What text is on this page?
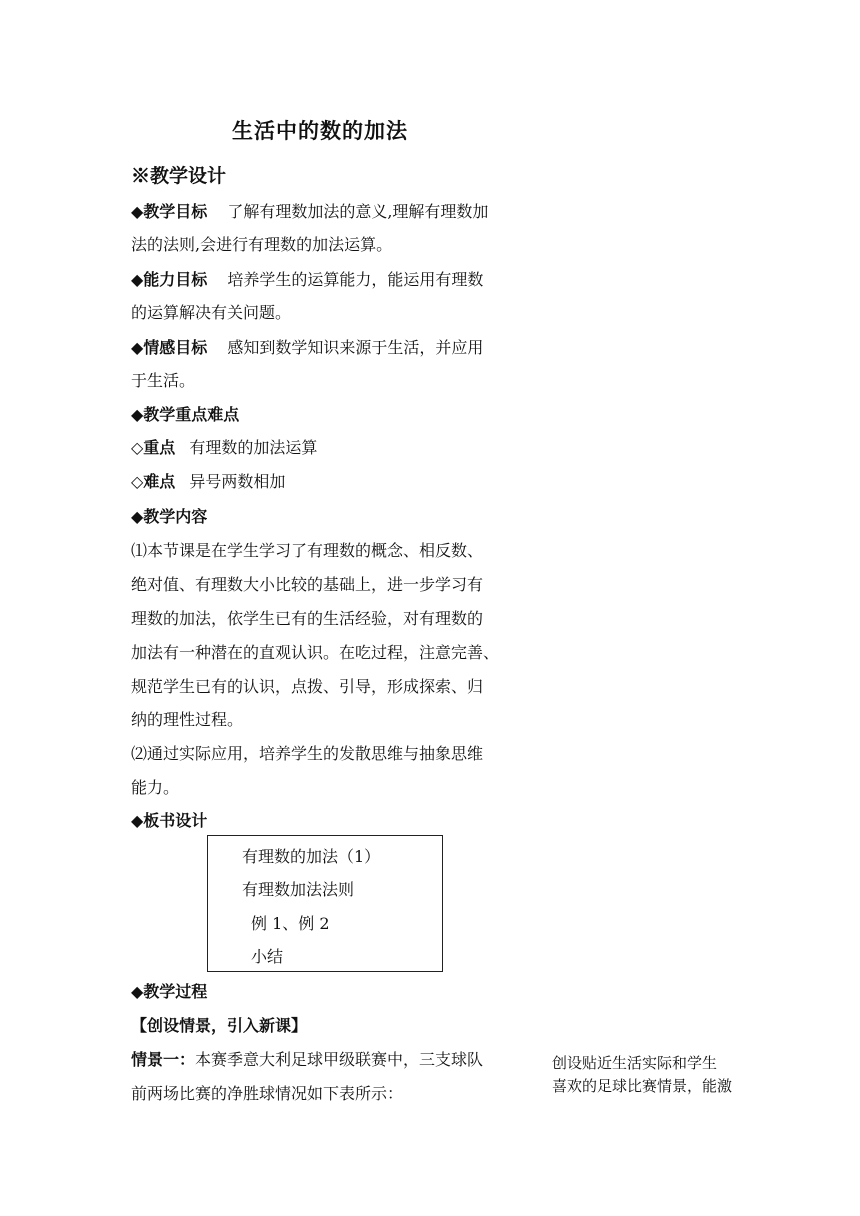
生活中的数的加法
※教学设计
◆教学目标 了解有理数加法的意义,理解有理数加
法的法则,会进行有理数的加法运算。
◆能力目标 培养学生的运算能力，能运用有理数
的运算解决有关问题。
◆情感目标 感知到数学知识来源于生活，并应用
于生活。
◆教学重点难点
◇重点 有理数的加法运算
◇难点 异号两数相加
◆教学内容
⑴本节课是在学生学习了有理数的概念、相反数、
绝对值、有理数大小比较的基础上，进一步学习有
理数的加法，依学生已有的生活经验，对有理数的
加法有一种潜在的直观认识。在吃过程，注意完善、
规范学生已有的认识，点拨、引导，形成探索、归
纳的理性过程。
⑵通过实际应用，培养学生的发散思维与抽象思维
能力。
◆板书设计
有理数的加法（1）
有理数加法法则
例 1、例 2
小结
◆教学过程
【创设情景，引入新课】
情景一：本赛季意大利足球甲级联赛中，三支球队
前两场比赛的净胜球情况如下表所示：
创设贴近生活实际和学生
喜欢的足球比赛情景，能激
